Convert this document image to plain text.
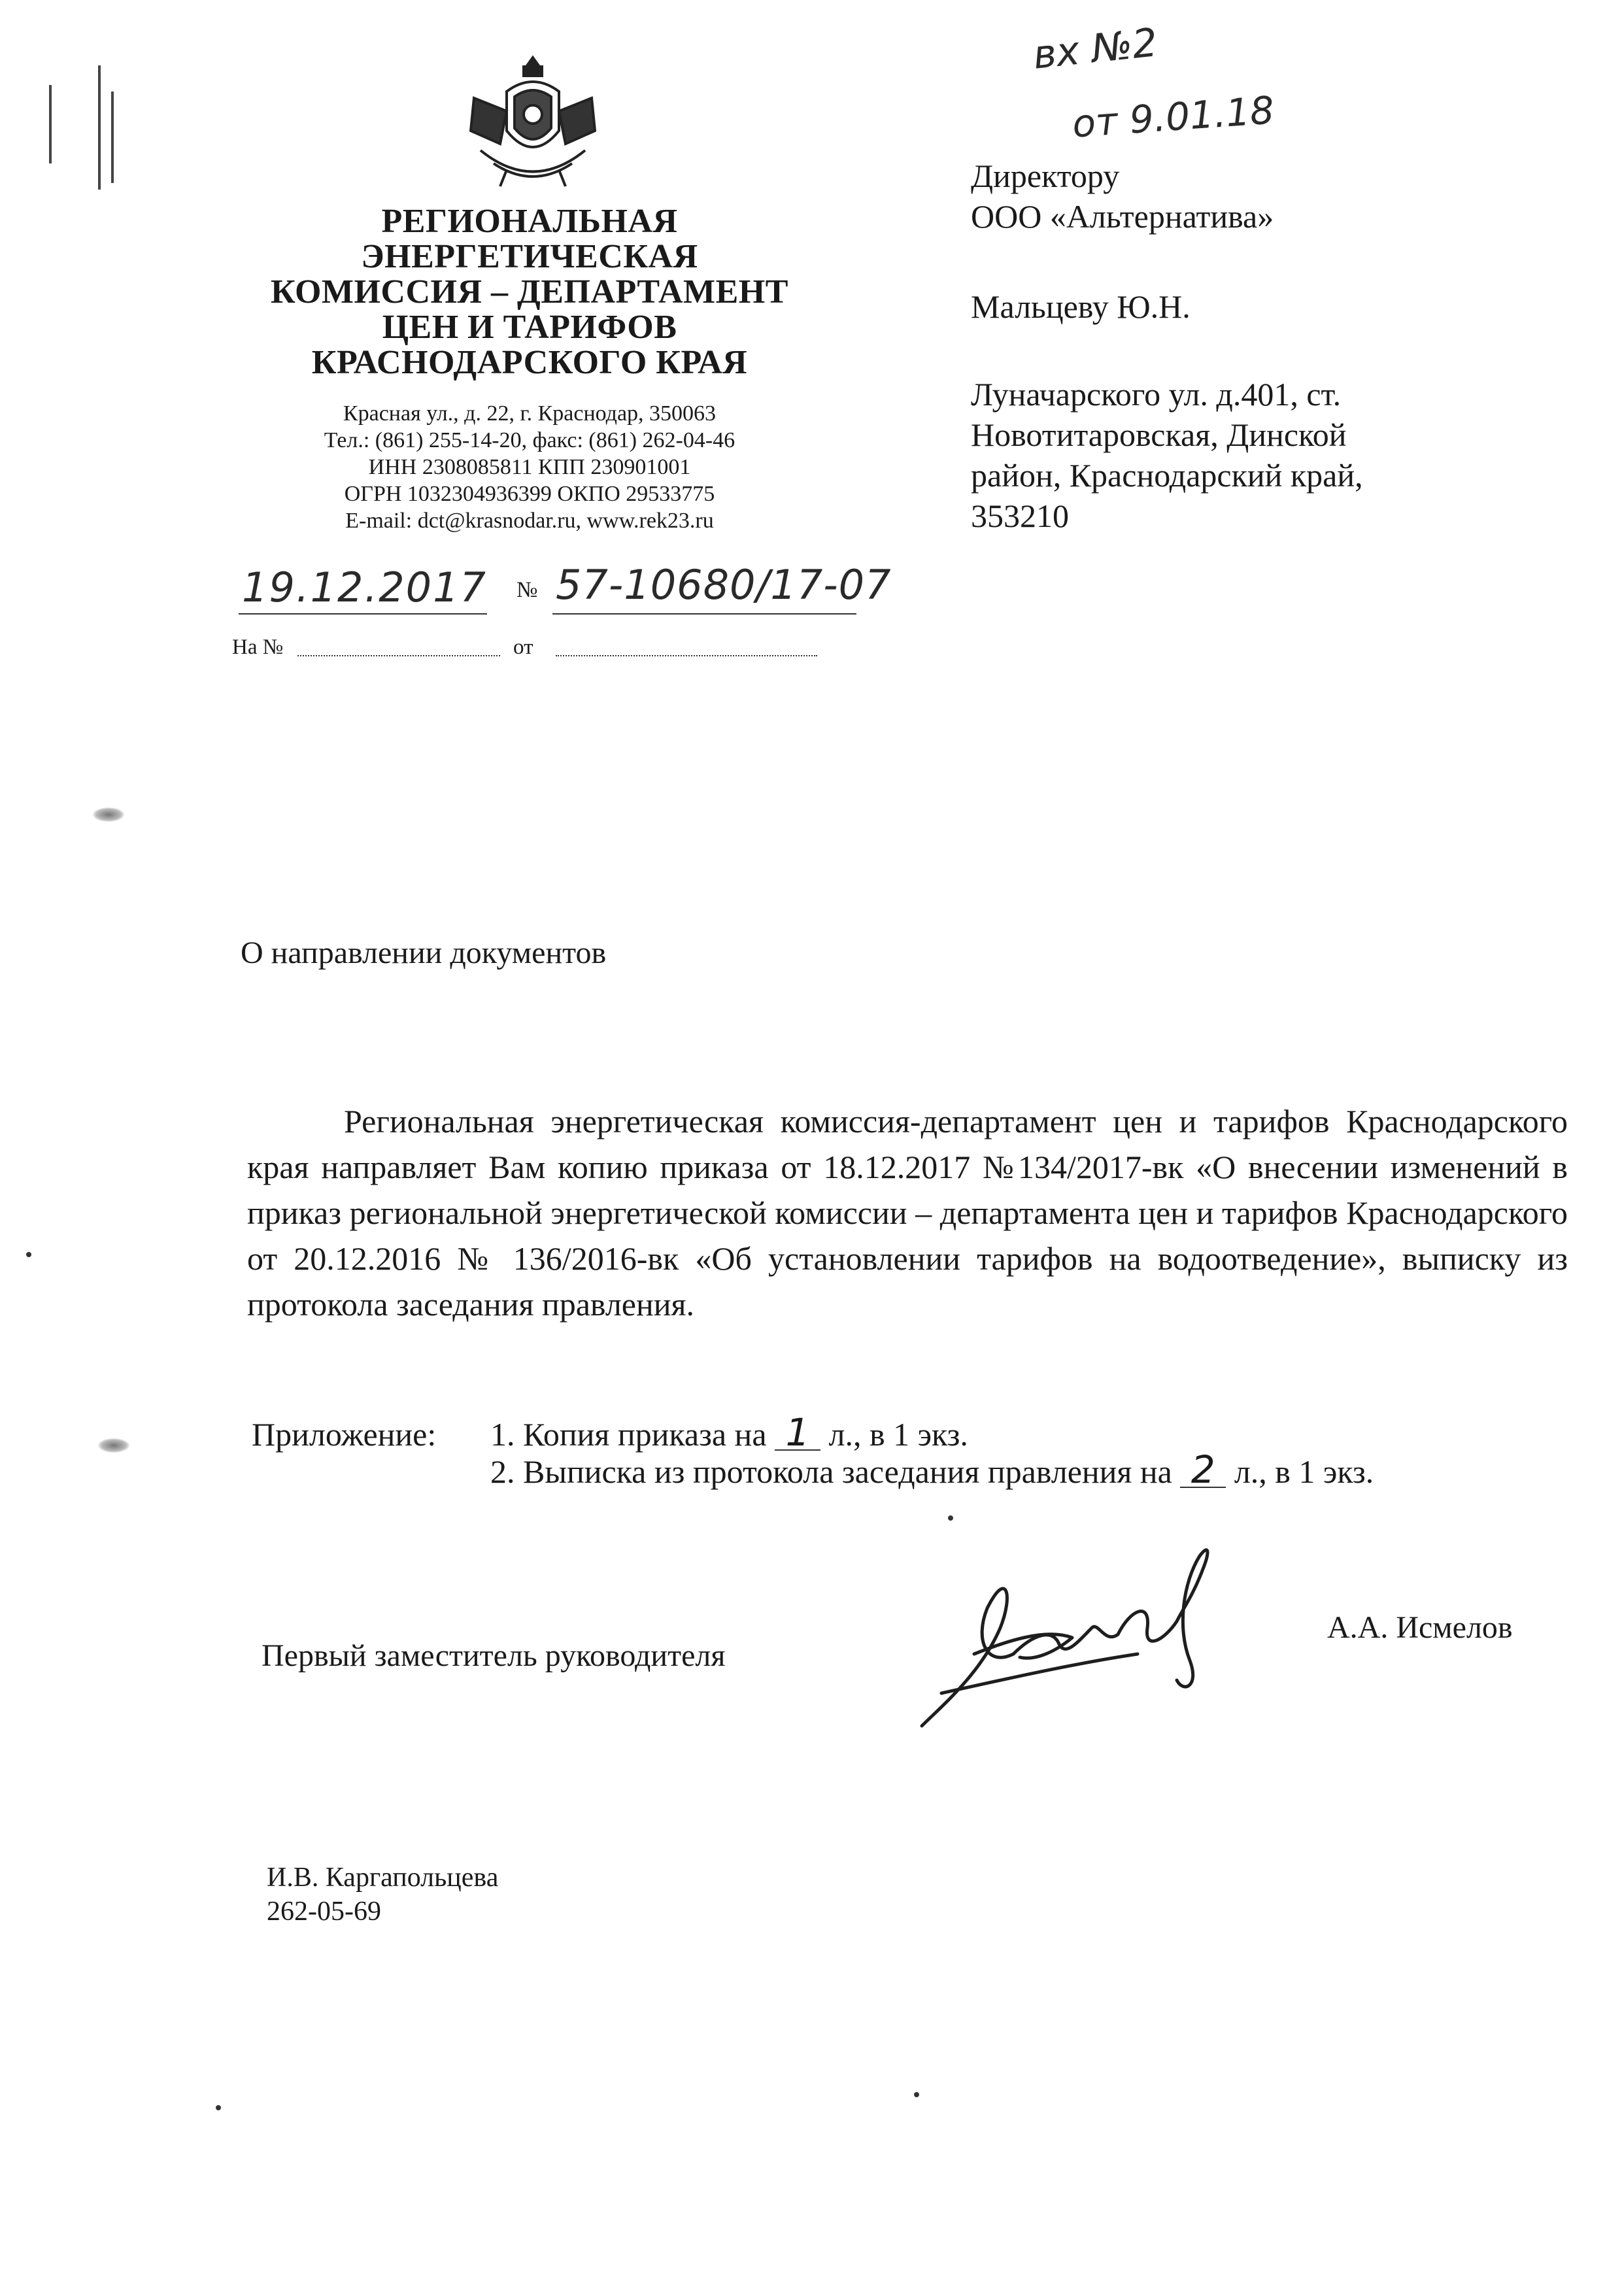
вх №2
от 9.01.18
РЕГИОНАЛЬНАЯ
ЭНЕРГЕТИЧЕСКАЯ
КОМИССИЯ – ДЕПАРТАМЕНТ
ЦЕН И ТАРИФОВ
КРАСНОДАРСКОГО КРАЯ
Красная ул., д. 22, г. Краснодар, 350063
Тел.: (861) 255-14-20, факс: (861) 262-04-46
ИНН 2308085811 КПП 230901001
ОГРН 1032304936399 ОКПО 29533775
E-mail: dct@krasnodar.ru, www.rek23.ru
19.12.2017 № 57-10680/17-07
На №	от
Директору
ООО «Альтернатива»
Мальцеву Ю.Н.
Луначарского ул. д.401, ст.
Новотитаровская, Динской
район, Краснодарский край,
353210
О направлении документов

Региональная энергетическая комиссия-департамент цен и тарифов Краснодарского края направляет Вам копию приказа от 18.12.2017 №134/2017-вк «О внесении изменений в приказ региональной энергетической комиссии – департамента цен и тарифов Краснодарского от 20.12.2016 № 136/2016-вк «Об установлении тарифов на водоотведение», выписку из протокола заседания правления.

Приложение: 1. Копия приказа на 1 л., в 1 экз.
2. Выписка из протокола заседания правления на 2 л., в 1 экз.
Первый заместитель руководителя
А.А. Исмелов
И.В. Каргапольцева
262-05-69
